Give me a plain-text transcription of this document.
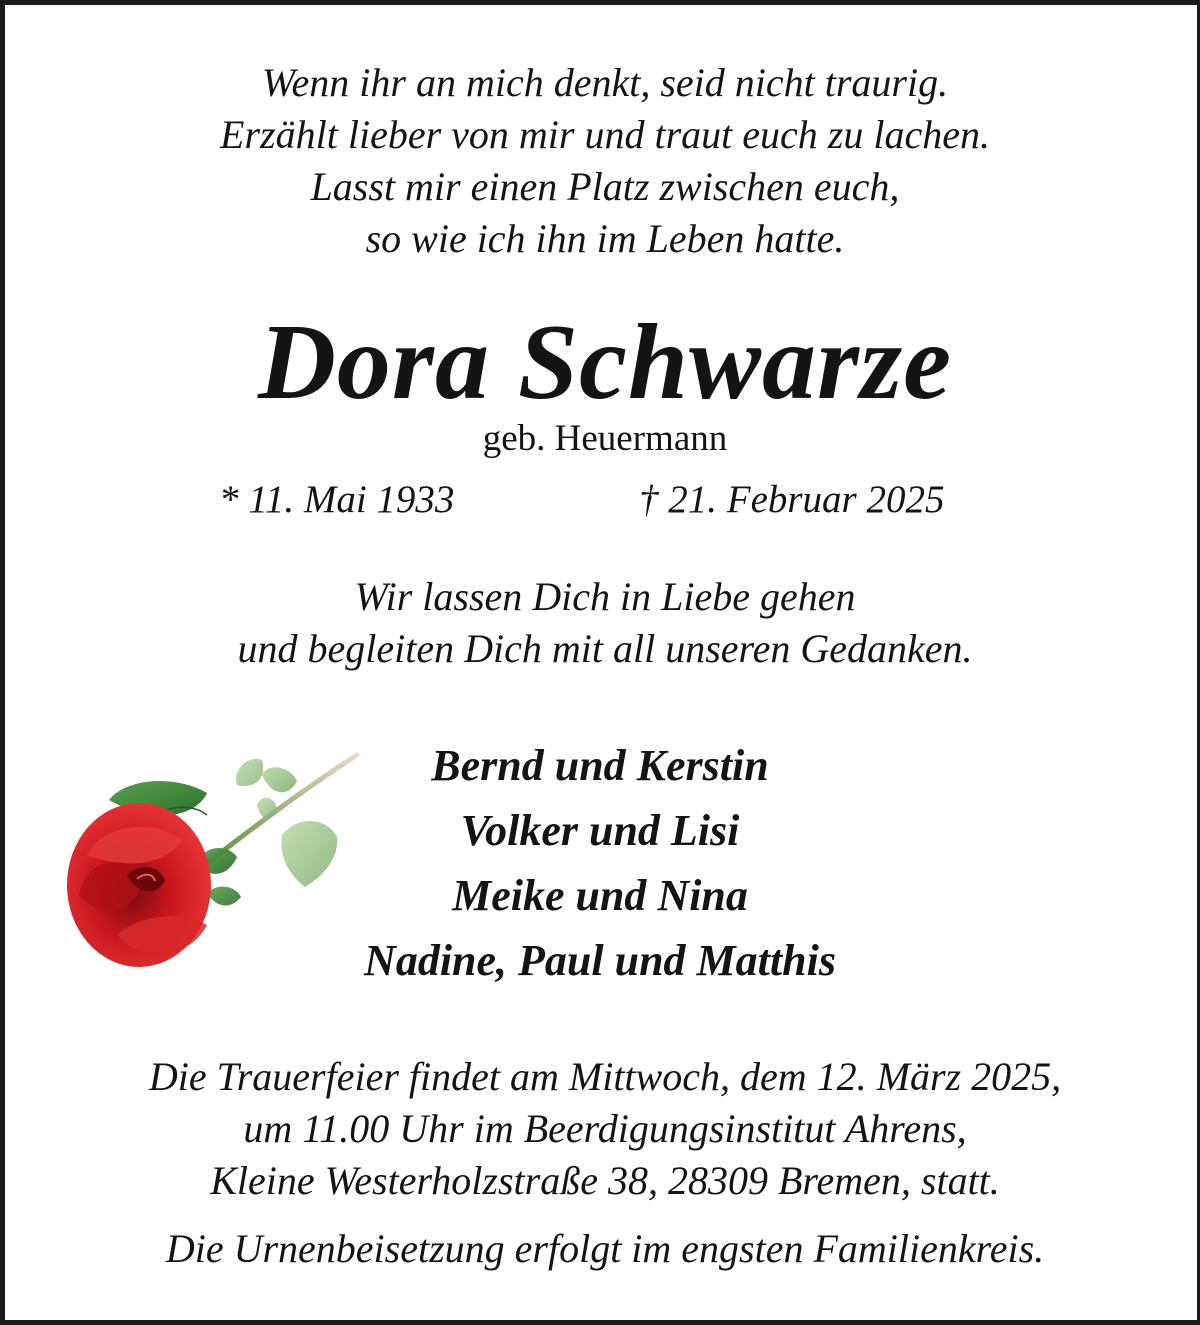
Wenn ihr an mich denkt, seid nicht traurig.
Erzählt lieber von mir und traut euch zu lachen.
Lasst mir einen Platz zwischen euch,
so wie ich ihn im Leben hatte.
Dora Schwarze
geb. Heuermann
* 11. Mai 1933	† 21. Februar 2025
Wir lassen Dich in Liebe gehen
und begleiten Dich mit all unseren Gedanken.
Bernd und Kerstin
Volker und Lisi
Meike und Nina
Nadine, Paul und Matthis
Die Trauerfeier findet am Mittwoch, dem 12. März 2025,
um 11.00 Uhr im Beerdigungsinstitut Ahrens,
Kleine Westerholzstraße 38, 28309 Bremen, statt.
Die Urnenbeisetzung erfolgt im engsten Familienkreis.
